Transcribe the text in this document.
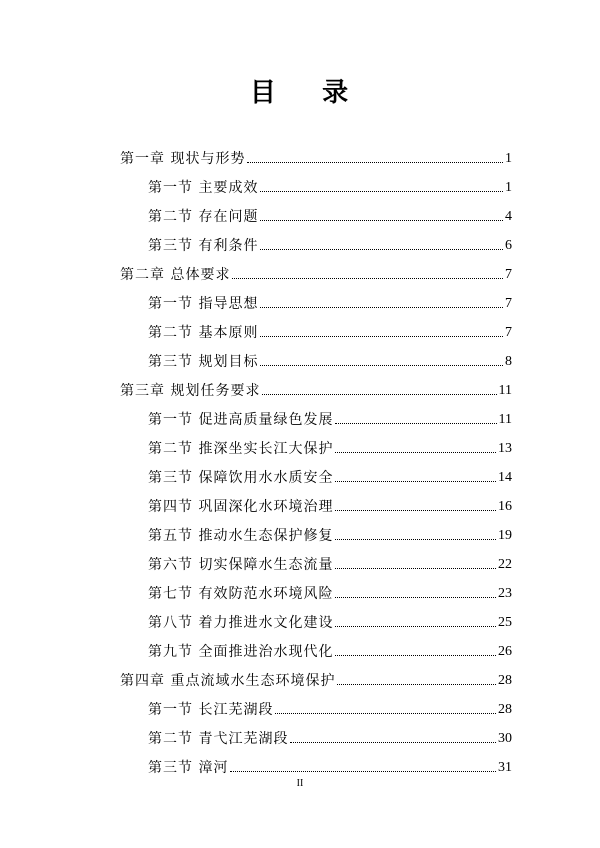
目    录
第一章 现状与形势	1
第一节 主要成效	1
第二节 存在问题	4
第三节 有利条件	6
第二章 总体要求	7
第一节 指导思想	7
第二节 基本原则	7
第三节 规划目标	8
第三章 规划任务要求	11
第一节 促进高质量绿色发展	11
第二节 推深坐实长江大保护	13
第三节 保障饮用水水质安全	14
第四节 巩固深化水环境治理	16
第五节 推动水生态保护修复	19
第六节 切实保障水生态流量	22
第七节 有效防范水环境风险	23
第八节 着力推进水文化建设	25
第九节 全面推进治水现代化	26
第四章 重点流域水生态环境保护	28
第一节 长江芜湖段	28
第二节 青弋江芜湖段	30
第三节 漳河	31
II
